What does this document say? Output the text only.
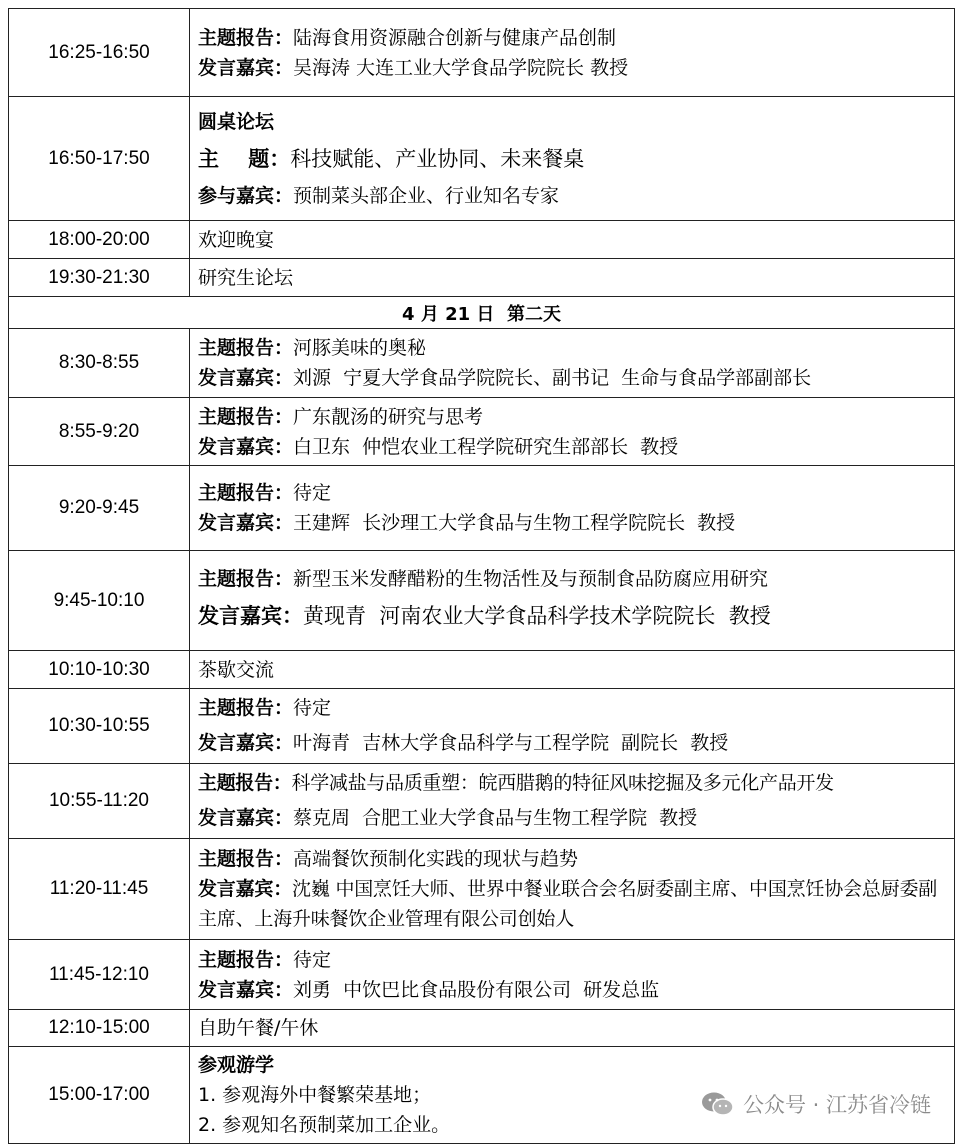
16:25-16:50	主题报告：陆海食用资源融合创新与健康产品创制
发言嘉宾：吴海涛 大连工业大学食品学院院长 教授

16:50-17:50	圆桌论坛
主    题：科技赋能、产业协同、未来餐桌
参与嘉宾：预制菜头部企业、行业知名专家

18:00-20:00	欢迎晚宴
19:30-21:30	研究生论坛
4 月 21 日  第二天	
8:30-8:55	主题报告：河豚美味的奥秘
发言嘉宾：刘源  宁夏大学食品学院院长、副书记  生命与食品学部副部长

8:55-9:20	主题报告：广东靓汤的研究与思考
发言嘉宾：白卫东  仲恺农业工程学院研究生部部长  教授

9:20-9:45	主题报告：待定
发言嘉宾：王建辉  长沙理工大学食品与生物工程学院院长  教授

9:45-10:10	主题报告：新型玉米发酵醋粉的生物活性及与预制食品防腐应用研究
发言嘉宾：黄现青  河南农业大学食品科学技术学院院长  教授

10:10-10:30	茶歇交流
10:30-10:55	主题报告：待定
发言嘉宾：叶海青  吉林大学食品科学与工程学院  副院长  教授

10:55-11:20	主题报告：科学减盐与品质重塑：皖西腊鹅的特征风味挖掘及多元化产品开发
发言嘉宾：蔡克周  合肥工业大学食品与生物工程学院  教授

11:20-11:45	主题报告：高端餐饮预制化实践的现状与趋势
发言嘉宾：沈巍 中国烹饪大师、世界中餐业联合会名厨委副主席、中国烹饪协会总厨委副主席、上海升味餐饮企业管理有限公司创始人

11:45-12:10	主题报告：待定
发言嘉宾：刘勇  中饮巴比食品股份有限公司  研发总监

12:10-15:00	自助午餐/午休
15:00-17:00	参观游学
1. 参观海外中餐繁荣基地；
2. 参观知名预制菜加工企业。
公众号 · 江苏省冷链
